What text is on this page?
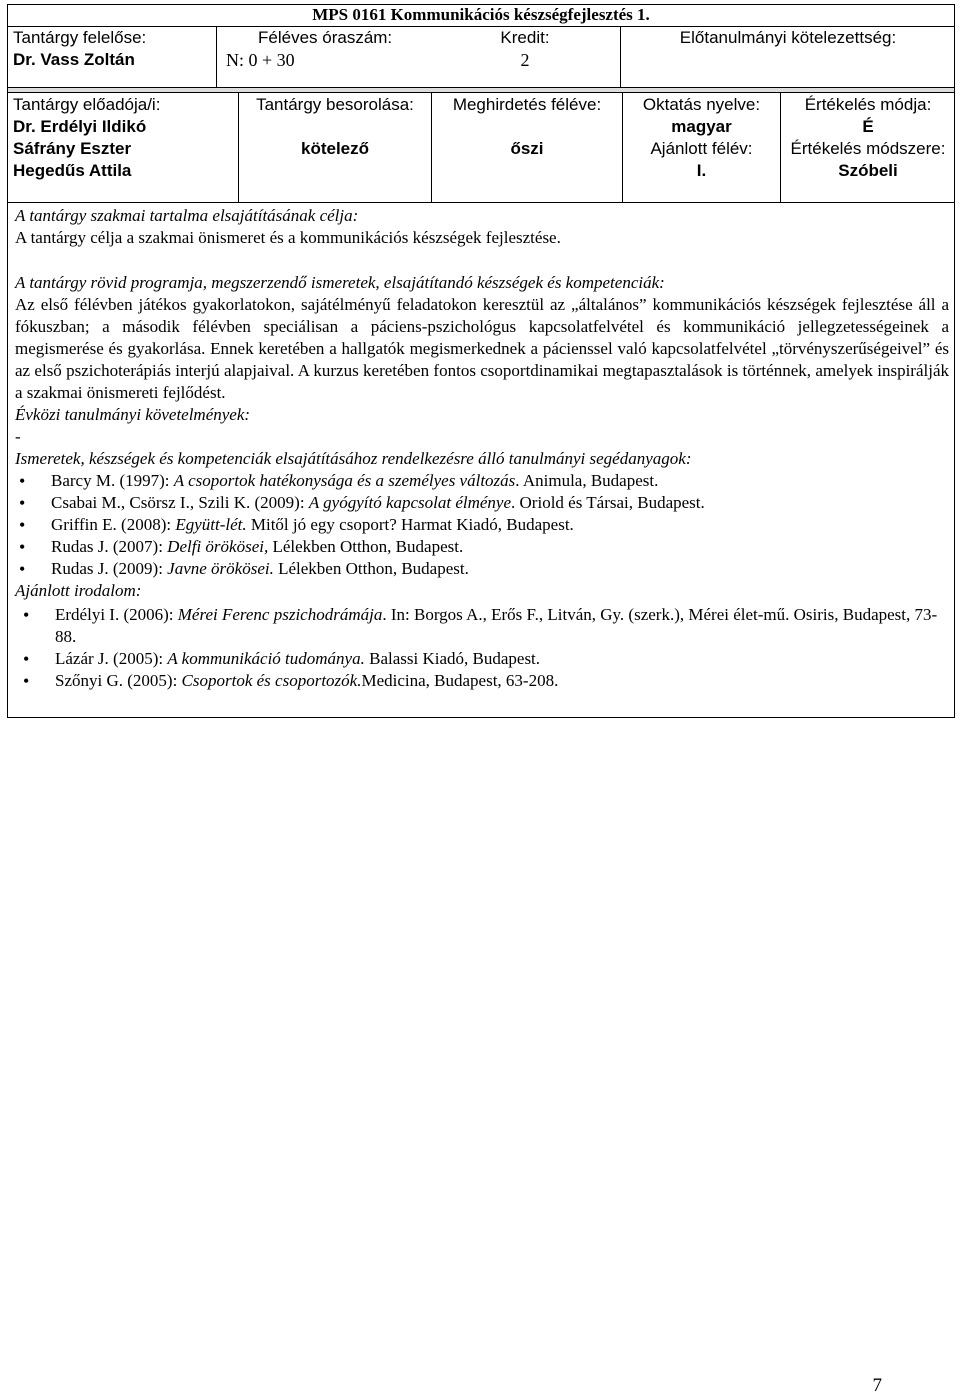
MPS 0161 Kommunikációs készségfejlesztés 1.
Tantárgy felelőse:
Dr. Vass Zoltán
Féléves óraszám:
N: 0 + 30
Kredit:
2
Előtanulmányi kötelezettség:
Tantárgy előadója/i:
Dr. Erdélyi Ildikó
Sáfrány Eszter
Hegedűs Attila
Tantárgy besorolása:
kötelező
Meghirdetés féléve:
őszi
Oktatás nyelve:
magyar
Ajánlott félév:
I.
Értékelés módja:
É
Értékelés módszere:
Szóbeli
A tantárgy szakmai tartalma elsajátításának célja:
A tantárgy célja a szakmai önismeret és a kommunikációs készségek fejlesztése.
A tantárgy rövid programja, megszerzendő ismeretek, elsajátítandó készségek és kompetenciák:
Az első félévben játékos gyakorlatokon, sajátélményű feladatokon keresztül az „általános” kommunikációs készségek fejlesztése áll a fókuszban; a második félévben speciálisan a páciens-pszichológus kapcsolatfelvétel és kommunikáció jellegzetességeinek a megismerése és gyakorlása. Ennek keretében a hallgatók megismerkednek a pácienssel való kapcsolatfelvétel „törvényszerűségeivel” és az első pszichoterápiás interjú alapjaival. A kurzus keretében fontos csoportdinamikai megtapasztalások is történnek, amelyek inspirálják a szakmai önismereti fejlődést.
Évközi tanulmányi követelmények:
-
Ismeretek, készségek és kompetenciák elsajátításához rendelkezésre álló tanulmányi segédanyagok:
• Barcy M. (1997): A csoportok hatékonysága és a személyes változás. Animula, Budapest.
• Csabai M., Csörsz I., Szili K. (2009): A gyógyító kapcsolat élménye. Oriold és Társai, Budapest.
• Griffin E. (2008): Együtt-lét. Mitől jó egy csoport? Harmat Kiadó, Budapest.
• Rudas J. (2007): Delfi örökösei, Lélekben Otthon, Budapest.
• Rudas J. (2009): Javne örökösei. Lélekben Otthon, Budapest.
Ajánlott irodalom:
• Erdélyi I. (2006): Mérei Ferenc pszichodrámája. In: Borgos A., Erős F., Litván, Gy. (szerk.), Mérei élet-mű. Osiris, Budapest, 73-88.
• Lázár J. (2005): A kommunikáció tudománya. Balassi Kiadó, Budapest.
• Szőnyi G. (2005): Csoportok és csoportozók.Medicina, Budapest, 63-208.
7
